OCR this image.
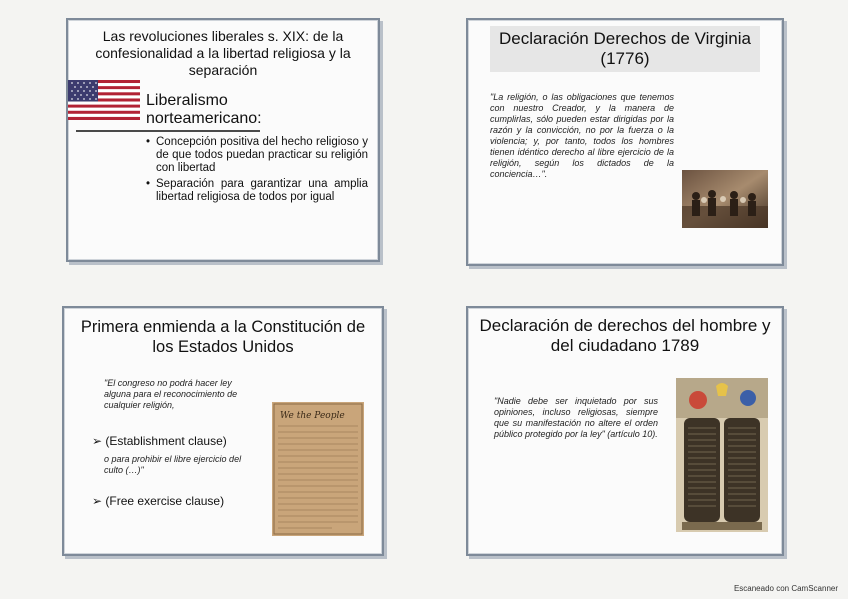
Las revoluciones liberales s. XIX: de la confesionalidad a la libertad religiosa y la separación
Liberalismo norteamericano:
• Concepción positiva del hecho religioso y de que todos puedan practicar su religión con libertad
• Separación para garantizar una amplia libertad religiosa de todos por igual
Declaración Derechos de Virginia (1776)
"La religión, o las obligaciones que tenemos con nuestro Creador, y la manera de cumplirlas, sólo pueden estar dirigidas por la razón y la convicción, no por la fuerza o la violencia; y, por tanto, todos los hombres tienen idéntico derecho al libre ejercicio de la religión, según los dictados de la conciencia…".
Primera enmienda a la Constitución de los Estados Unidos
"El congreso no podrá hacer ley alguna para el reconocimiento de cualquier religión,
➢ (Establishment clause)
o para prohibir el libre ejercicio del culto (…)"
➢ (Free exercise clause)
We the People
Declaración de derechos del hombre y del ciudadano 1789
"Nadie debe ser inquietado por sus opiniones, incluso religiosas, siempre que su manifestación no altere el orden público protegido por la ley" (artículo 10).
Escaneado con CamScanner
